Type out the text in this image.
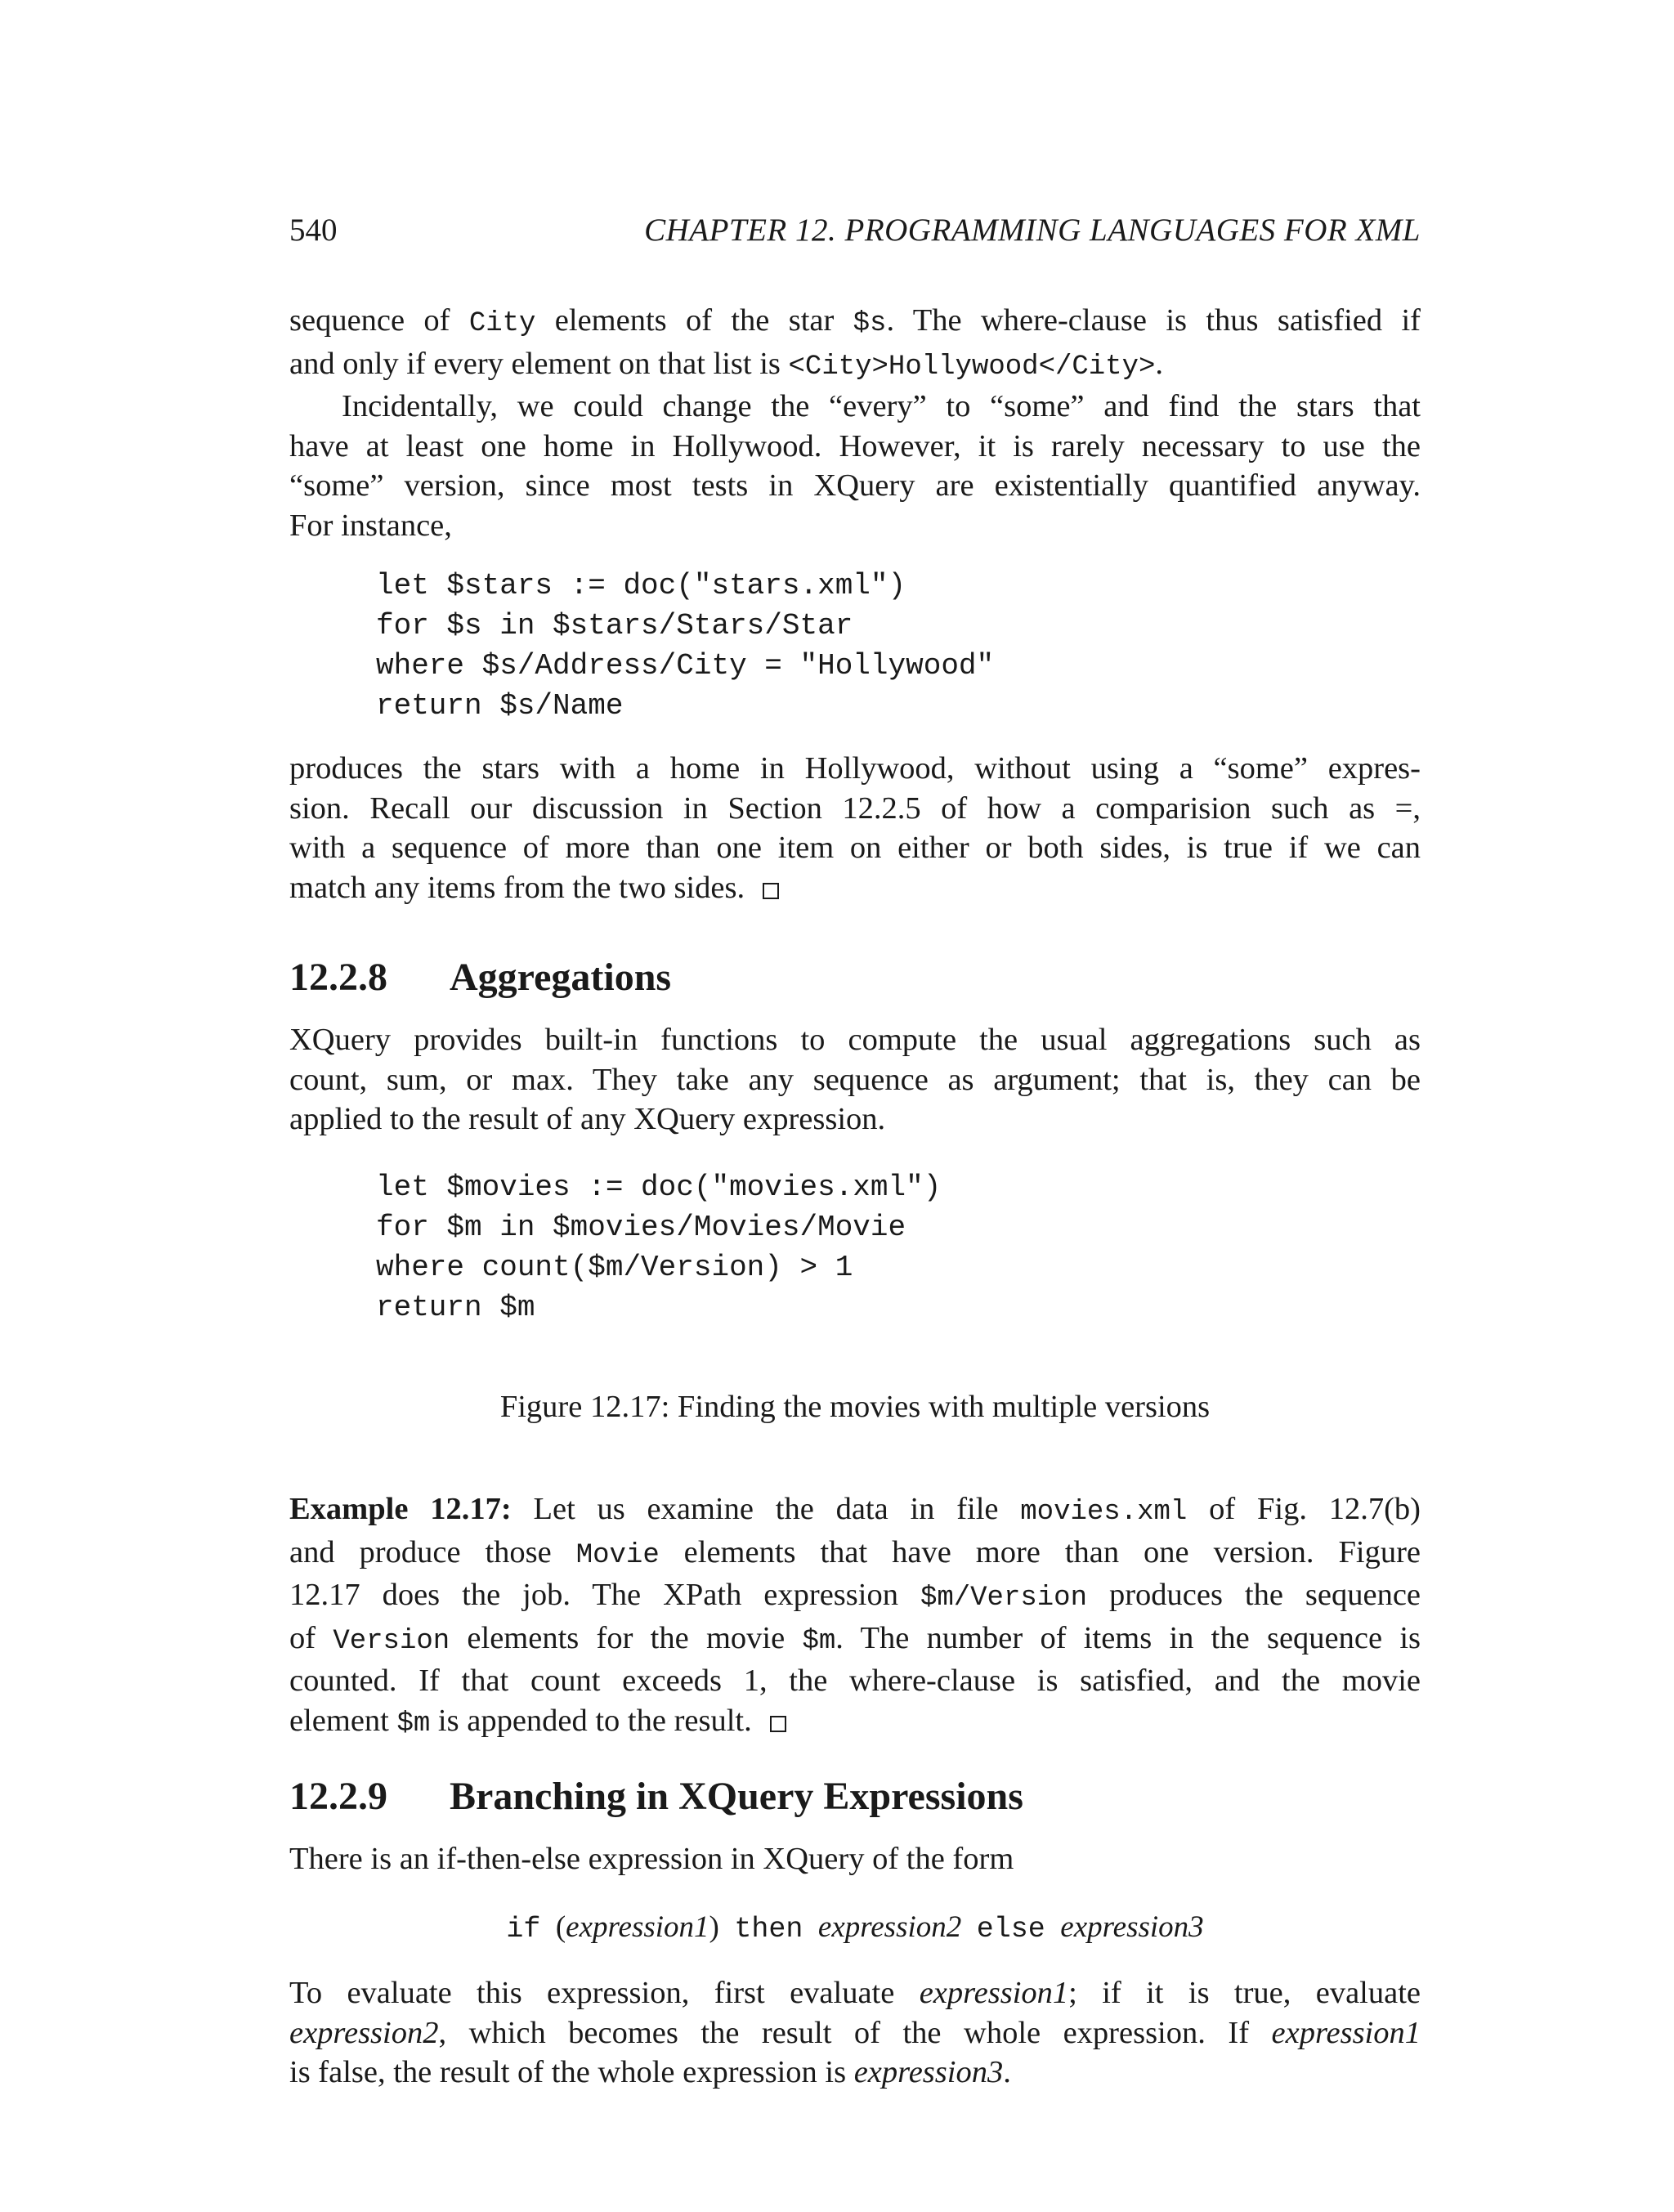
540	CHAPTER 12. PROGRAMMING LANGUAGES FOR XML
sequence of City elements of the star $s. The where-clause is thus satisfied if
and only if every element on that list is <City>Hollywood</City>.
Incidentally, we could change the “every” to “some” and find the stars that
have at least one home in Hollywood. However, it is rarely necessary to use the
“some” version, since most tests in XQuery are existentially quantified anyway.
For instance,
let $stars := doc("stars.xml")
for $s in $stars/Stars/Star
where $s/Address/City = "Hollywood"
return $s/Name
produces the stars with a home in Hollywood, without using a “some” expres-
sion. Recall our discussion in Section 12.2.5 of how a comparision such as =,
with a sequence of more than one item on either or both sides, is true if we can
match any items from the two sides.
12.2.8 Aggregations
XQuery provides built-in functions to compute the usual aggregations such as
count, sum, or max. They take any sequence as argument; that is, they can be
applied to the result of any XQuery expression.
let $movies := doc("movies.xml")
for $m in $movies/Movies/Movie
where count($m/Version) > 1
return $m
Figure 12.17: Finding the movies with multiple versions
Example 12.17: Let us examine the data in file movies.xml of Fig. 12.7(b)
and produce those Movie elements that have more than one version. Figure
12.17 does the job. The XPath expression $m/Version produces the sequence
of Version elements for the movie $m. The number of items in the sequence is
counted. If that count exceeds 1, the where-clause is satisfied, and the movie
element $m is appended to the result.
12.2.9 Branching in XQuery Expressions
There is an if-then-else expression in XQuery of the form
if (expression1) then expression2 else expression3
To evaluate this expression, first evaluate expression1; if it is true, evaluate
expression2, which becomes the result of the whole expression. If expression1
is false, the result of the whole expression is expression3.
